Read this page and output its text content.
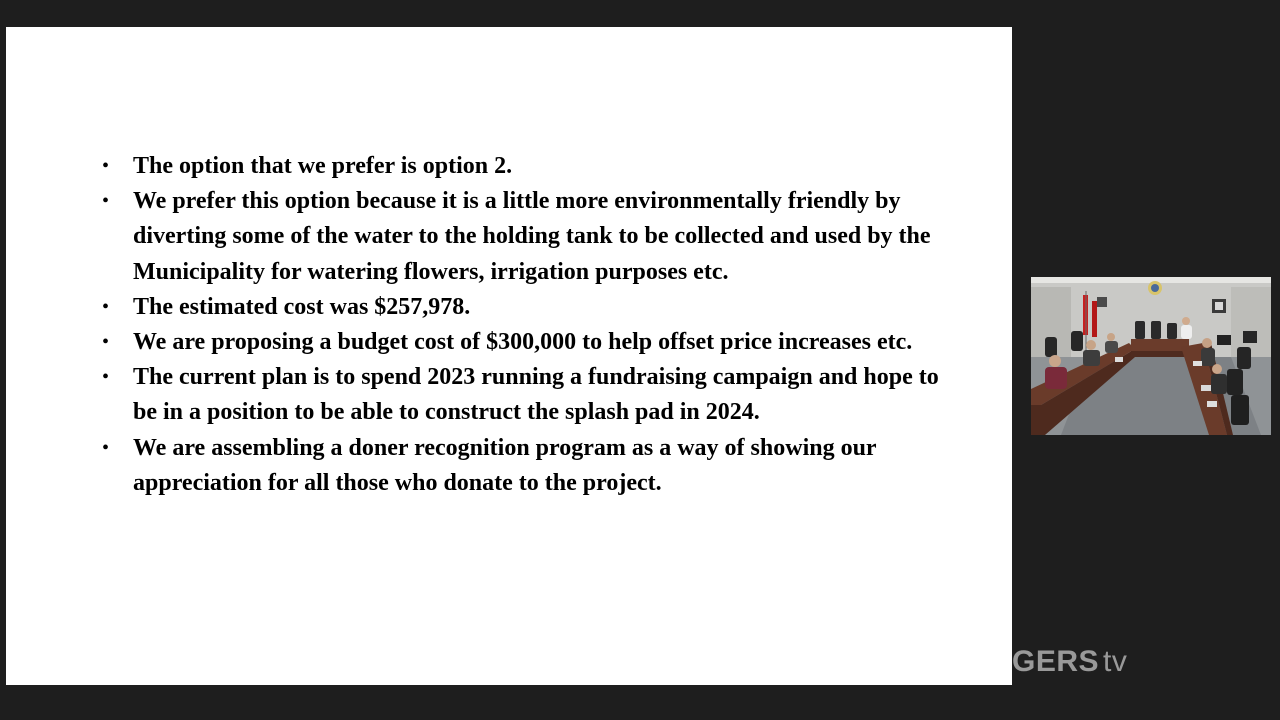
• The option that we prefer is option 2.
• We prefer this option because it is a little more environmentally friendly by diverting some of the water to the holding tank to be collected and used by the Municipality for watering flowers, irrigation purposes etc.
• The estimated cost was $257,978.
• We are proposing a budget cost of $300,000 to help offset price increases etc.
• The current plan is to spend 2023 running a fundraising campaign and hope to be in a position to be able to construct the splash pad in 2024.
• We are assembling a doner recognition program as a way of showing our appreciation for all those who donate to the project.
ROGERS tv
